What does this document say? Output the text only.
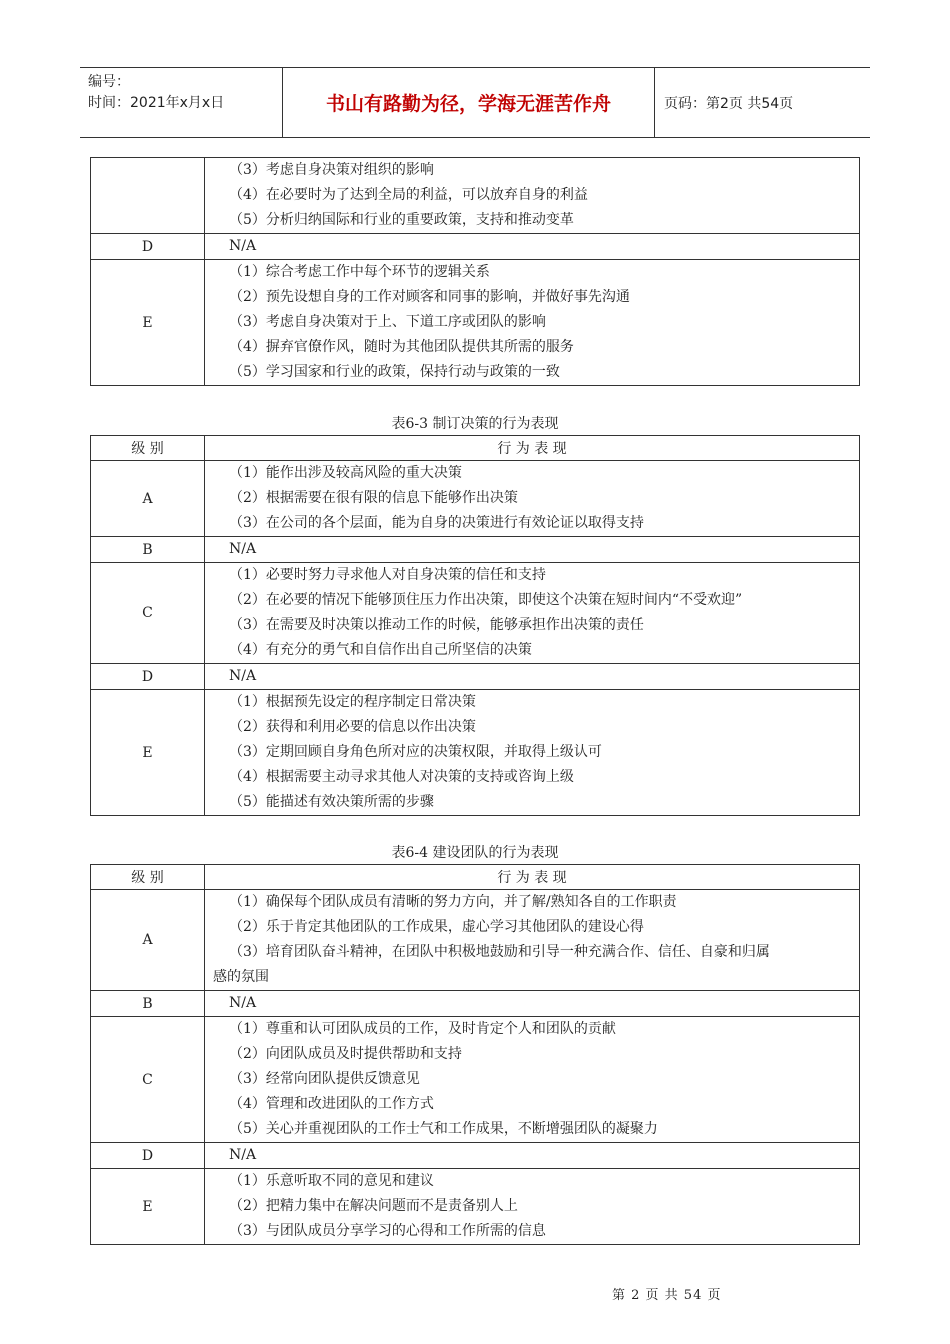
编号：
时间：2021年x月x日	书山有路勤为径，学海无涯苦作舟	页码：第2页 共54页

	（3）考虑自身决策对组织的影响
（4）在必要时为了达到全局的利益，可以放弃自身的利益
（5）分析归纳国际和行业的重要政策，支持和推动变革

D	N/A

E	（1）综合考虑工作中每个环节的逻辑关系
（2）预先设想自身的工作对顾客和同事的影响，并做好事先沟通
（3）考虑自身决策对于上、下道工序或团队的影响
（4）摒弃官僚作风，随时为其他团队提供其所需的服务
（5）学习国家和行业的政策，保持行动与政策的一致
表6-3 制订决策的行为表现
级 别	行 为 表 现
A	（1）能作出涉及较高风险的重大决策
（2）根据需要在很有限的信息下能够作出决策
（3）在公司的各个层面，能为自身的决策进行有效论证以取得支持

B	N/A

C	（1）必要时努力寻求他人对自身决策的信任和支持
（2）在必要的情况下能够顶住压力作出决策，即使这个决策在短时间内“不受欢迎”
（3）在需要及时决策以推动工作的时候，能够承担作出决策的责任
（4）有充分的勇气和自信作出自己所坚信的决策

D	N/A

E	（1）根据预先设定的程序制定日常决策
（2）获得和利用必要的信息以作出决策
（3）定期回顾自身角色所对应的决策权限，并取得上级认可
（4）根据需要主动寻求其他人对决策的支持或咨询上级
（5）能描述有效决策所需的步骤
表6-4 建设团队的行为表现
级 别	行 为 表 现
A	（1）确保每个团队成员有清晰的努力方向，并了解/熟知各自的工作职责
（2）乐于肯定其他团队的工作成果，虚心学习其他团队的建设心得
（3）培育团队奋斗精神，在团队中积极地鼓励和引导一种充满合作、信任、自豪和归属
感的氛围

B	N/A

C	（1）尊重和认可团队成员的工作，及时肯定个人和团队的贡献
（2）向团队成员及时提供帮助和支持
（3）经常向团队提供反馈意见
（4）管理和改进团队的工作方式
（5）关心并重视团队的工作士气和工作成果，不断增强团队的凝聚力

D	N/A

E	（1）乐意听取不同的意见和建议
（2）把精力集中在解决问题而不是责备别人上
（3）与团队成员分享学习的心得和工作所需的信息
第 2 页 共 54 页
